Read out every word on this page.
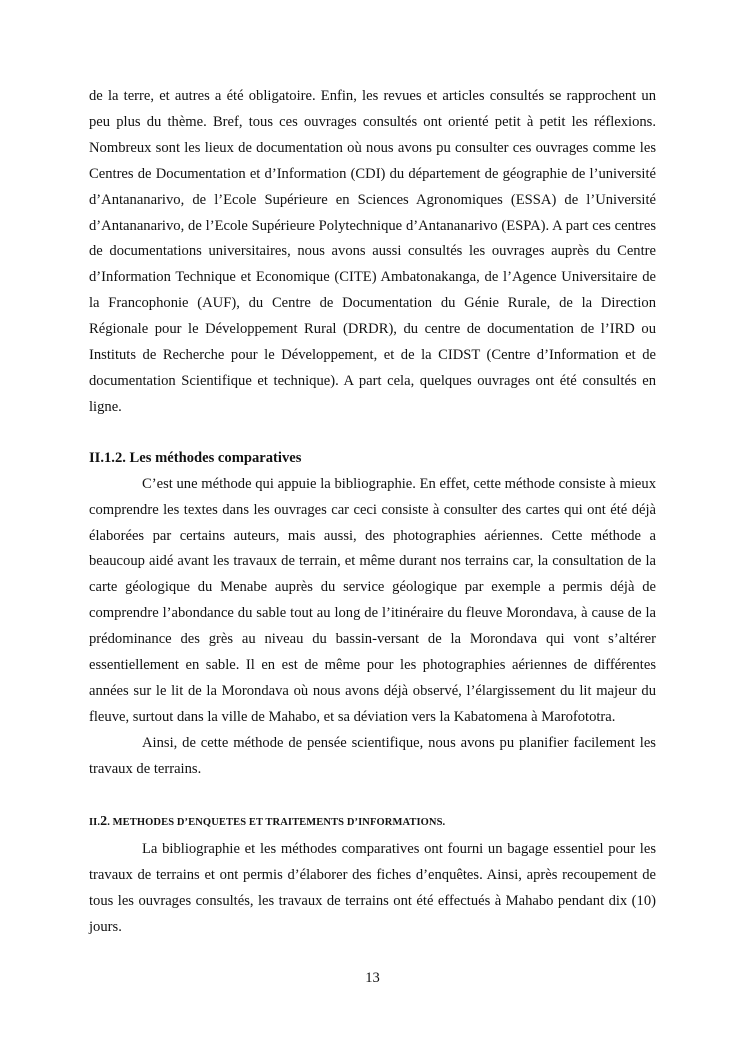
de la terre, et autres a été obligatoire. Enfin, les revues et articles consultés se rapprochent un peu plus du thème. Bref, tous ces ouvrages consultés ont orienté petit à petit les réflexions. Nombreux sont les lieux de documentation où nous avons pu consulter ces ouvrages comme les Centres de Documentation et d’Information (CDI) du département de géographie de l’université d’Antananarivo, de l’Ecole Supérieure en Sciences Agronomiques (ESSA) de l’Université d’Antananarivo, de l’Ecole Supérieure Polytechnique d’Antananarivo (ESPA). A part ces centres de documentations universitaires, nous avons aussi consultés les ouvrages auprès du Centre d’Information Technique et Economique (CITE) Ambatonakanga, de l’Agence Universitaire de la Francophonie (AUF), du Centre de Documentation du Génie Rurale, de la Direction Régionale pour le Développement Rural (DRDR), du centre de documentation de l’IRD ou Instituts de Recherche pour le Développement, et de la CIDST (Centre d’Information et de documentation Scientifique et technique). A part cela, quelques ouvrages ont été consultés en ligne.

II.1.2. Les méthodes comparatives

C’est une méthode qui appuie la bibliographie. En effet, cette méthode consiste à mieux comprendre les textes dans les ouvrages car ceci consiste à consulter des cartes qui ont été déjà élaborées par certains auteurs, mais aussi, des photographies aériennes. Cette méthode a beaucoup aidé avant les travaux de terrain, et même durant nos terrains car, la consultation de la carte géologique du Menabe auprès du service géologique par exemple a permis déjà de comprendre l’abondance du sable tout au long de l’itinéraire du fleuve Morondava, à cause de la prédominance des grès au niveau du bassin-versant de la Morondava qui vont s’altérer essentiellement en sable. Il en est de même pour les photographies aériennes de différentes années sur le lit de la Morondava où nous avons déjà observé, l’élargissement du lit majeur du fleuve, surtout dans la ville de Mahabo, et sa déviation vers la Kabatomena à Marofototra.

Ainsi, de cette méthode de pensée scientifique, nous avons pu planifier facilement les travaux de terrains.

II.2. METHODES D’ENQUETES ET TRAITEMENTS D’INFORMATIONS.

La bibliographie et les méthodes comparatives ont fourni un bagage essentiel pour les travaux de terrains et ont permis d’élaborer des fiches d’enquêtes. Ainsi, après recoupement de tous les ouvrages consultés, les travaux de terrains ont été effectués à Mahabo pendant dix (10) jours.

13
